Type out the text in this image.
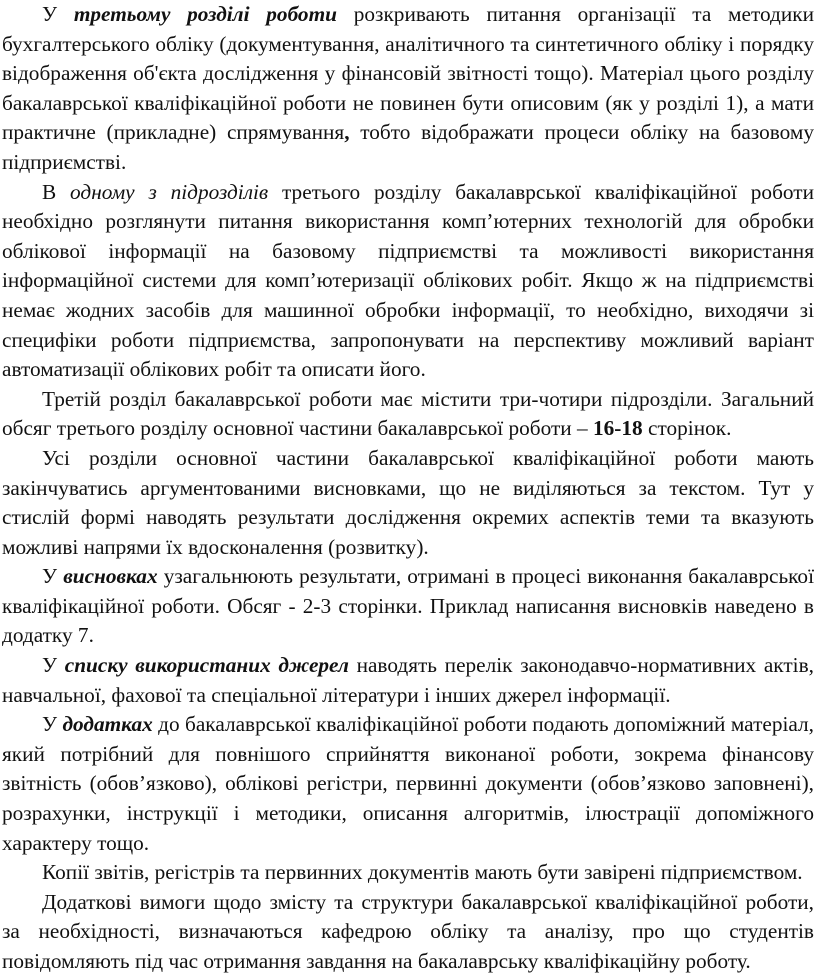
У третьому розділі роботи розкривають питання організації та методики бухгалтерського обліку (документування, аналітичного та синтетичного обліку і порядку відображення об'єкта дослідження у фінансовій звітності тощо). Матеріал цього розділу бакалаврської кваліфікаційної роботи не повинен бути описовим (як у розділі 1), а мати практичне (прикладне) спрямування, тобто відображати процеси обліку на базовому підприємстві.

В одному з підрозділів третього розділу бакалаврської кваліфікаційної роботи необхідно розглянути питання використання комп’ютерних технологій для обробки облікової інформації на базовому підприємстві та можливості використання інформаційної системи для комп’ютеризації облікових робіт. Якщо ж на підприємстві немає жодних засобів для машинної обробки інформації, то необхідно, виходячи зі специфіки роботи підприємства, запропонувати на перспективу можливий варіант автоматизації облікових робіт та описати його.

Третій розділ бакалаврської роботи має містити три-чотири підрозділи. Загальний обсяг третього розділу основної частини бакалаврської роботи – 16-18 сторінок.

Усі розділи основної частини бакалаврської кваліфікаційної роботи мають закінчуватись аргументованими висновками, що не виділяються за текстом. Тут у стислій формі наводять результати дослідження окремих аспектів теми та вказують можливі напрями їх вдосконалення (розвитку).

У висновках узагальнюють результати, отримані в процесі виконання бакалаврської кваліфікаційної роботи. Обсяг - 2-3 сторінки. Приклад написання висновків наведено в додатку 7.

У списку використаних джерел наводять перелік законодавчо-нормативних актів, навчальної, фахової та спеціальної літератури і інших джерел інформації.

У додатках до бакалаврської кваліфікаційної роботи подають допоміжний матеріал, який потрібний для повнішого сприйняття виконаної роботи, зокрема фінансову звітність (обов’язково), облікові регістри, первинні документи (обов’язково заповнені), розрахунки, інструкції і методики, описання алгоритмів, ілюстрації допоміжного характеру тощо.

Копії звітів, регістрів та первинних документів мають бути завірені підприємством.

Додаткові вимоги щодо змісту та структури бакалаврської кваліфікаційної роботи, за необхідності, визначаються кафедрою обліку та аналізу, про що студентів повідомляють під час отримання завдання на бакалаврську кваліфікаційну роботу.
